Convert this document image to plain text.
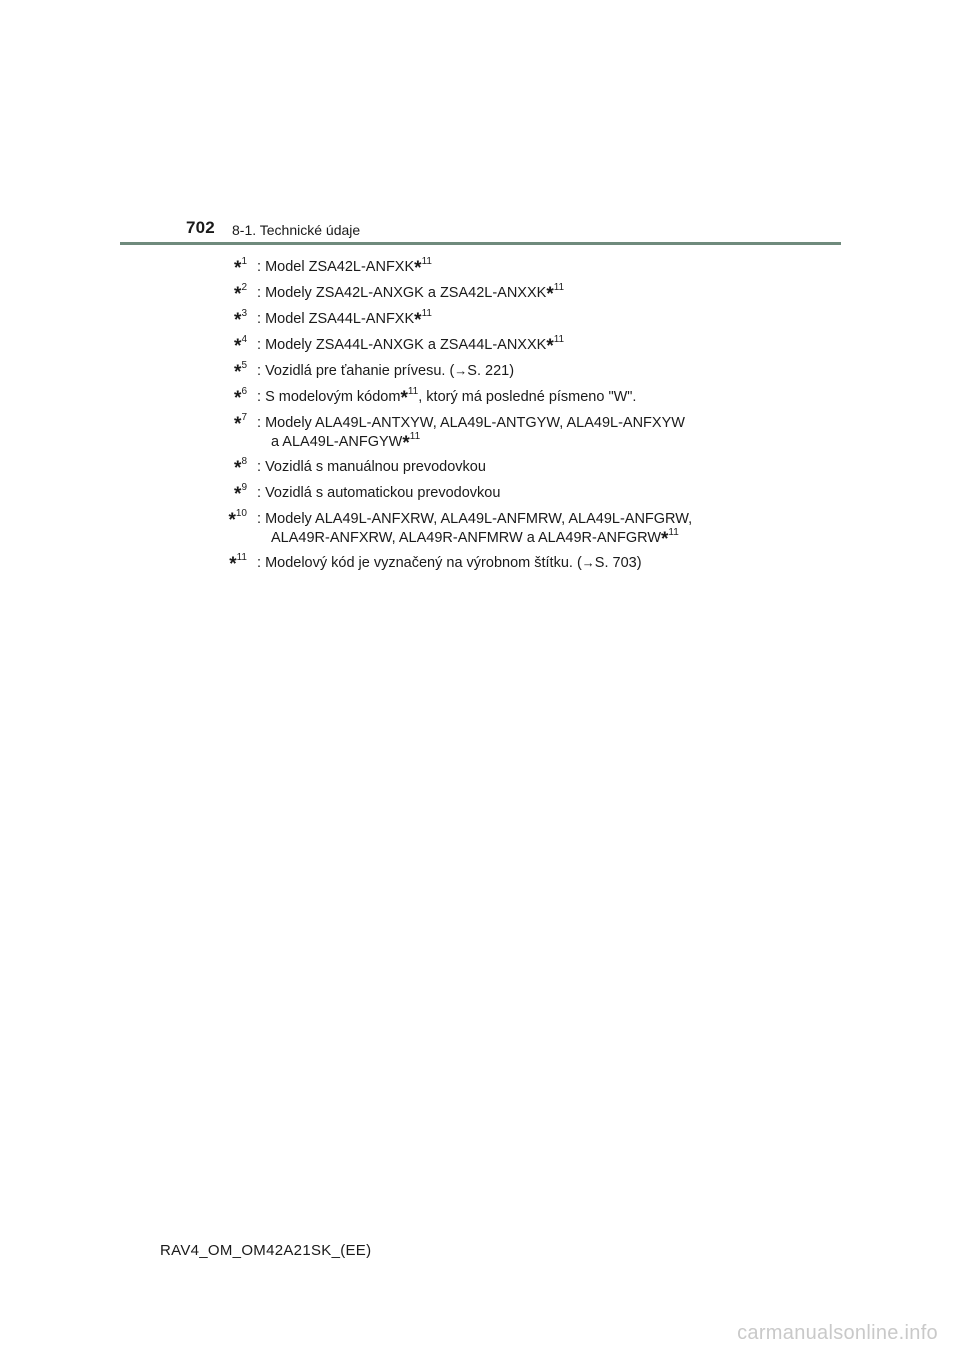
702 8-1. Technické údaje
*$^1$ : Model ZSA42L-ANFXK*$^{11}$
*$^2$ : Modely ZSA42L-ANXGK a ZSA42L-ANXXK*$^{11}$
*$^3$ : Model ZSA44L-ANFXK*$^{11}$
*$^4$ : Modely ZSA44L-ANXGK a ZSA44L-ANXXK*$^{11}$
*$^5$ : Vozidlá pre ťahanie prívesu. (→S. 221)
*$^6$ : S modelovým kódom*$^{11}$, ktorý má posledné písmeno "W".
*$^7$ : Modely ALA49L-ANTXYW, ALA49L-ANTGYW, ALA49L-ANFXYW
a ALA49L-ANFGYW*$^{11}$
*$^8$ : Vozidlá s manuálnou prevodovkou
*$^9$ : Vozidlá s automatickou prevodovkou
*$^{10}$ : Modely ALA49L-ANFXRW, ALA49L-ANFMRW, ALA49L-ANFGRW,
ALA49R-ANFXRW, ALA49R-ANFMRW a ALA49R-ANFGRW*$^{11}$
*$^{11}$ : Modelový kód je vyznačený na výrobnom štítku. (→S. 703)
RAV4_OM_OM42A21SK_(EE)
carmanualsonline.info
